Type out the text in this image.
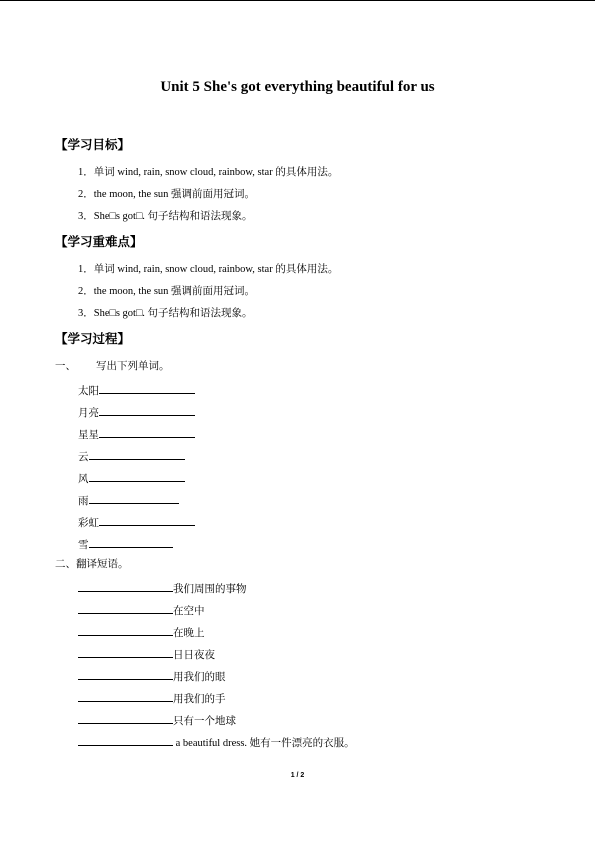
Unit 5 She's got everything beautiful for us
【学习目标】
1．单词 wind, rain, snow cloud, rainbow, star 的具体用法。
2．the moon, the sun 强调前面用冠词。
3．She□s got□. 句子结构和语法现象。
【学习重难点】
1．单词 wind, rain, snow cloud, rainbow, star 的具体用法。
2．the moon, the sun 强调前面用冠词。
3．She□s got□. 句子结构和语法现象。
【学习过程】
一、 写出下列单词。
太阳
月亮
星星
云
风
雨
彩虹
雪
二、翻译短语。
我们周围的事物
在空中
在晚上
日日夜夜
用我们的眼
用我们的手
只有一个地球
a beautiful dress. 她有一件漂亮的衣服。
1 / 2
